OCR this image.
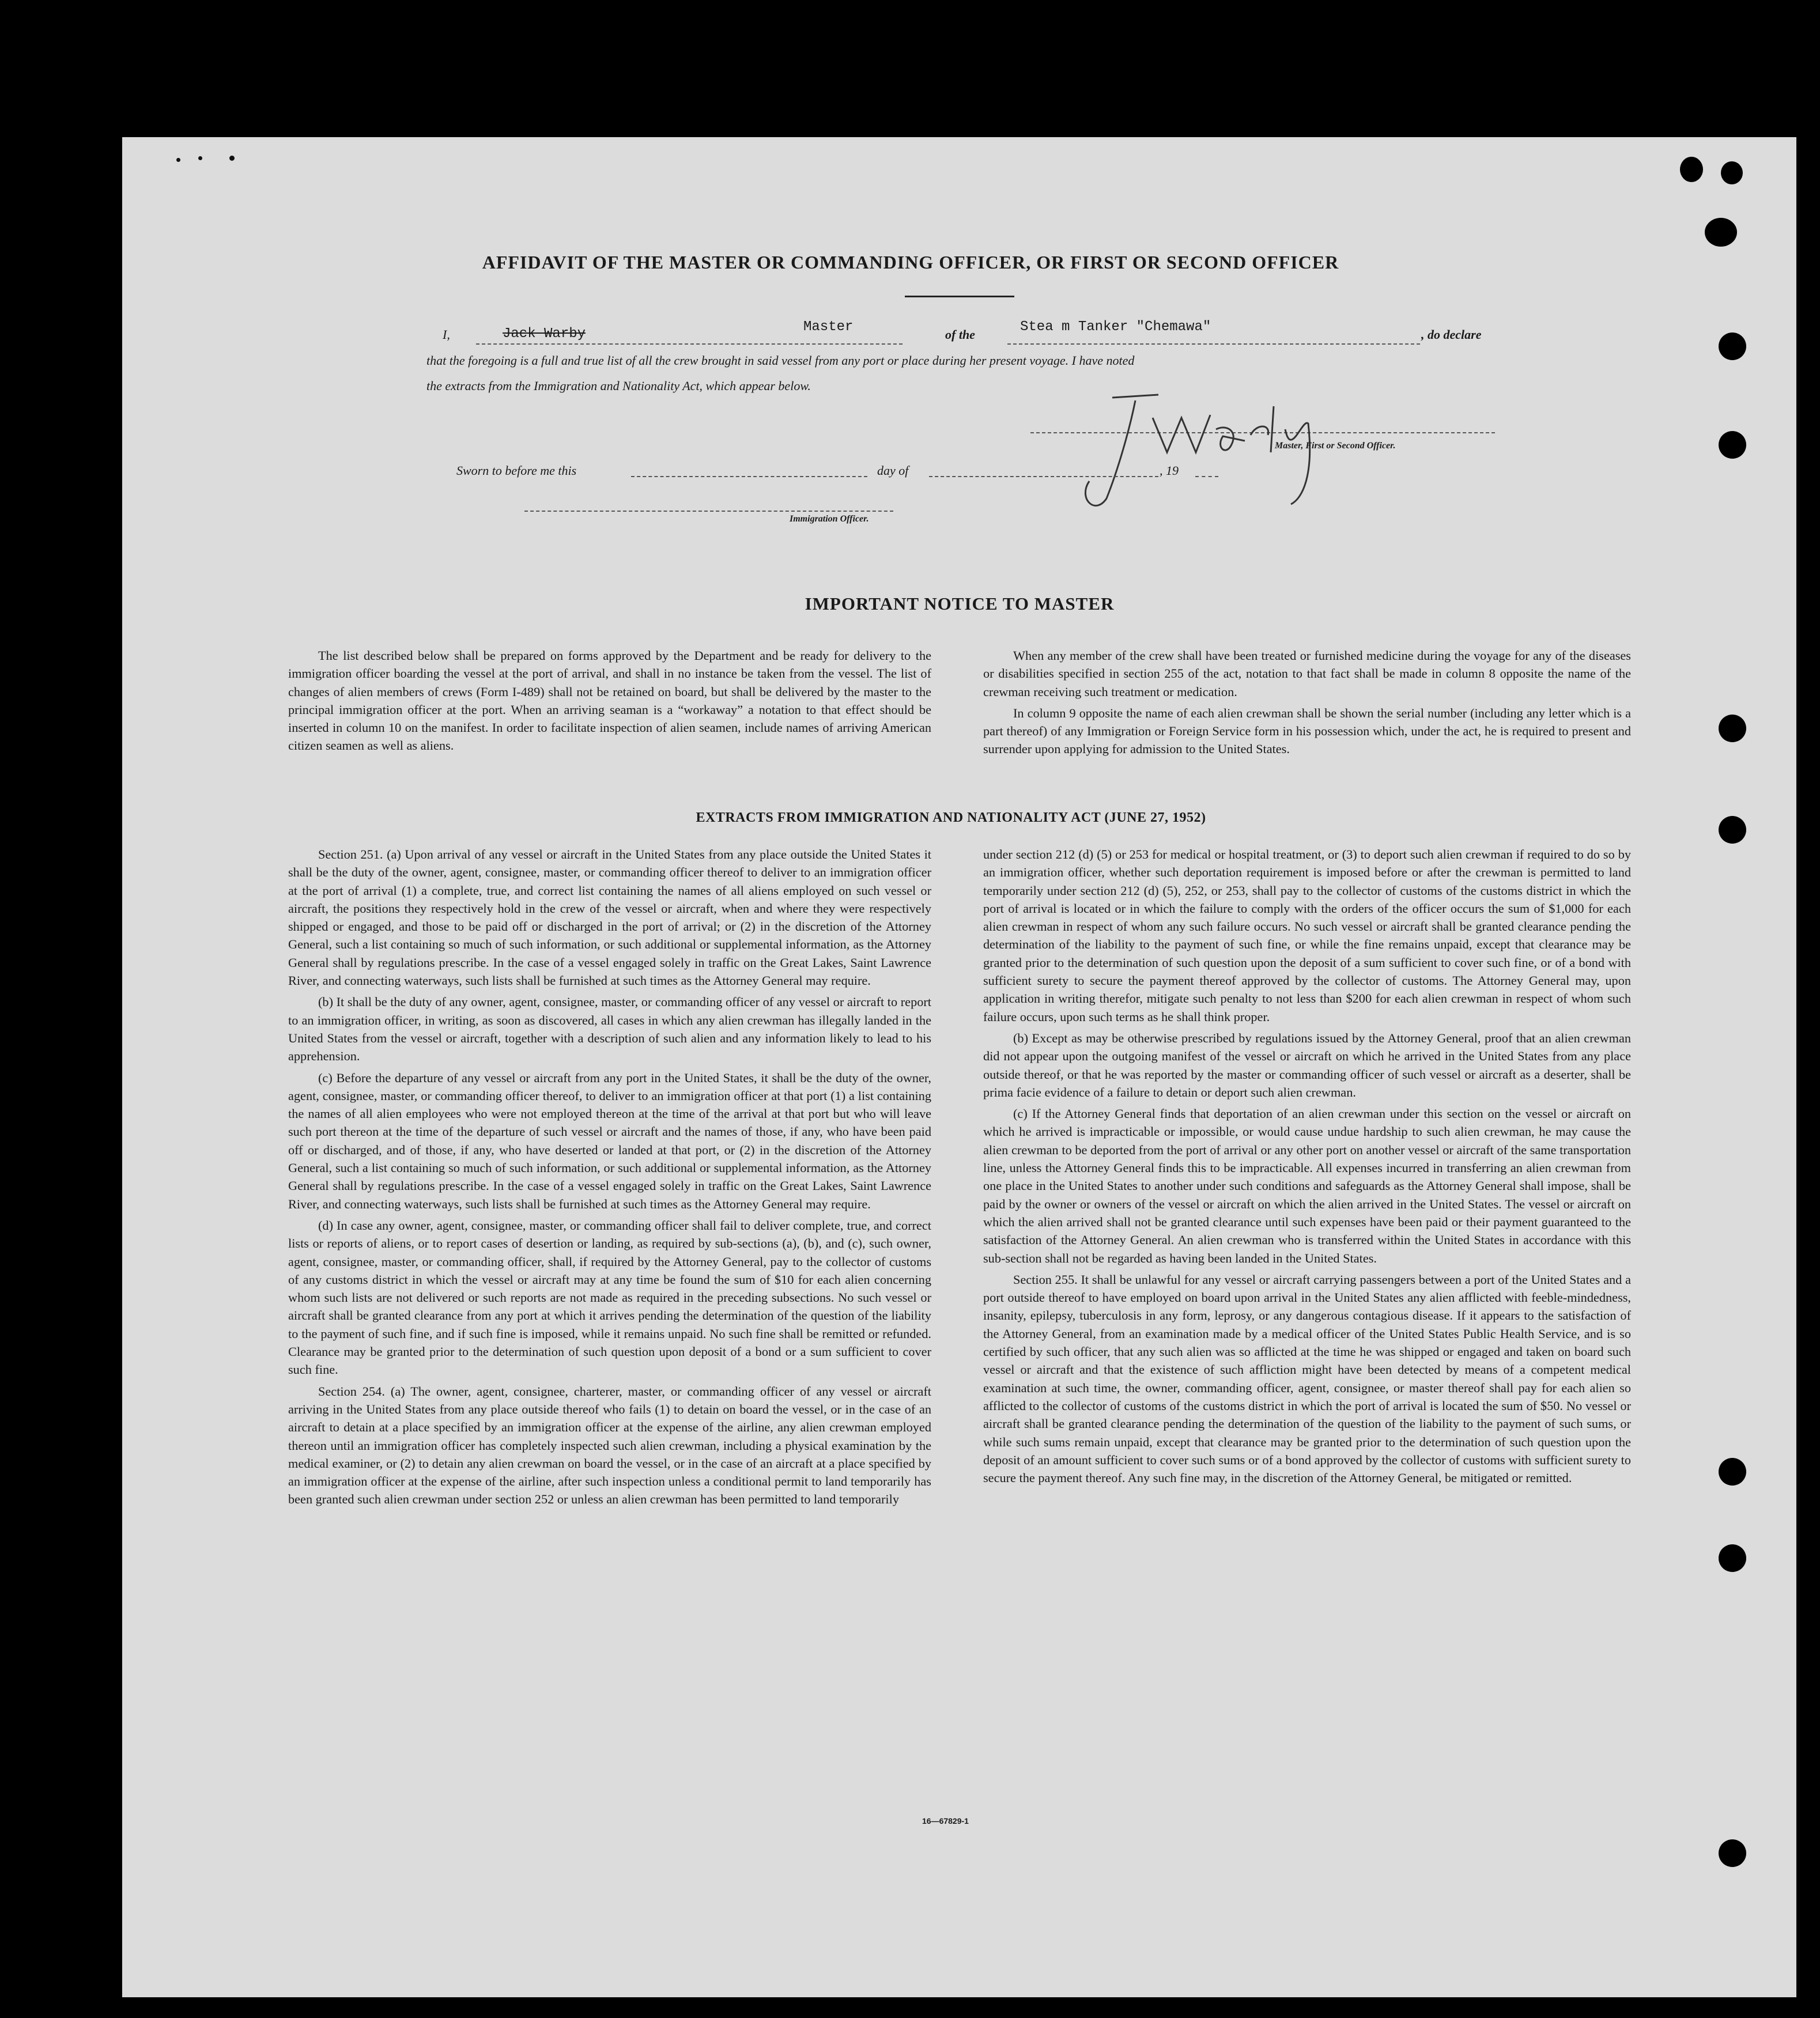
AFFIDAVIT OF THE MASTER OR COMMANDING OFFICER, OR FIRST OR SECOND OFFICER
I,	Jack Warby	Master	of the	Stea m Tanker "Chemawa"	, do declare
that the foregoing is a full and true list of all the crew brought in said vessel from any port or place during her present voyage. I have noted
the extracts from the Immigration and Nationality Act, which appear below.
Master, First or Second Officer.
Sworn to before me this	day of	, 19
Immigration Officer.
IMPORTANT NOTICE TO MASTER

The list described below shall be prepared on forms approved by the Department and be ready for delivery to the immigration officer boarding the vessel at the port of arrival, and shall in no instance be taken from the vessel. The list of changes of alien members of crews (Form I-489) shall not be retained on board, but shall be delivered by the master to the principal immigration officer at the port. When an arriving seaman is a “workaway” a notation to that effect should be inserted in column 10 on the manifest. In order to facilitate inspection of alien seamen, include names of arriving American citizen seamen as well as aliens.

When any member of the crew shall have been treated or furnished medicine during the voyage for any of the diseases or disabilities specified in section 255 of the act, notation to that fact shall be made in column 8 opposite the name of the crewman receiving such treatment or medication.

In column 9 opposite the name of each alien crewman shall be shown the serial number (including any letter which is a part thereof) of any Immigration or Foreign Service form in his possession which, under the act, he is required to present and surrender upon applying for admission to the United States.

EXTRACTS FROM IMMIGRATION AND NATIONALITY ACT (JUNE 27, 1952)

Section 251. (a) Upon arrival of any vessel or aircraft in the United States from any place outside the United States it shall be the duty of the owner, agent, consignee, master, or commanding officer thereof to deliver to an immigration officer at the port of arrival (1) a complete, true, and correct list containing the names of all aliens employed on such vessel or aircraft, the positions they respectively hold in the crew of the vessel or aircraft, when and where they were respectively shipped or engaged, and those to be paid off or discharged in the port of arrival; or (2) in the discretion of the Attorney General, such a list containing so much of such information, or such additional or supplemental information, as the Attorney General shall by regulations prescribe. In the case of a vessel engaged solely in traffic on the Great Lakes, Saint Lawrence River, and connecting waterways, such lists shall be furnished at such times as the Attorney General may require.

(b) It shall be the duty of any owner, agent, consignee, master, or commanding officer of any vessel or aircraft to report to an immigration officer, in writing, as soon as discovered, all cases in which any alien crewman has illegally landed in the United States from the vessel or aircraft, together with a description of such alien and any information likely to lead to his apprehension.

(c) Before the departure of any vessel or aircraft from any port in the United States, it shall be the duty of the owner, agent, consignee, master, or commanding officer thereof, to deliver to an immigration officer at that port (1) a list containing the names of all alien employees who were not employed thereon at the time of the arrival at that port but who will leave such port thereon at the time of the departure of such vessel or aircraft and the names of those, if any, who have been paid off or discharged, and of those, if any, who have deserted or landed at that port, or (2) in the discretion of the Attorney General, such a list containing so much of such information, or such additional or supplemental information, as the Attorney General shall by regulations prescribe. In the case of a vessel engaged solely in traffic on the Great Lakes, Saint Lawrence River, and connecting waterways, such lists shall be furnished at such times as the Attorney General may require.

(d) In case any owner, agent, consignee, master, or commanding officer shall fail to deliver complete, true, and correct lists or reports of aliens, or to report cases of desertion or landing, as required by sub-sections (a), (b), and (c), such owner, agent, consignee, master, or commanding officer, shall, if required by the Attorney General, pay to the collector of customs of any customs district in which the vessel or aircraft may at any time be found the sum of $10 for each alien concerning whom such lists are not delivered or such reports are not made as required in the preceding subsections. No such vessel or aircraft shall be granted clearance from any port at which it arrives pending the determination of the question of the liability to the payment of such fine, and if such fine is imposed, while it remains unpaid. No such fine shall be remitted or refunded. Clearance may be granted prior to the determination of such question upon deposit of a bond or a sum sufficient to cover such fine.

Section 254. (a) The owner, agent, consignee, charterer, master, or commanding officer of any vessel or aircraft arriving in the United States from any place outside thereof who fails (1) to detain on board the vessel, or in the case of an aircraft to detain at a place specified by an immigration officer at the expense of the airline, any alien crewman employed thereon until an immigration officer has completely inspected such alien crewman, including a physical examination by the medical examiner, or (2) to detain any alien crewman on board the vessel, or in the case of an aircraft at a place specified by an immigration officer at the expense of the airline, after such inspection unless a conditional permit to land temporarily has been granted such alien crewman under section 252 or unless an alien crewman has been permitted to land temporarily

under section 212 (d) (5) or 253 for medical or hospital treatment, or (3) to deport such alien crewman if required to do so by an immigration officer, whether such deportation requirement is imposed before or after the crewman is permitted to land temporarily under section 212 (d) (5), 252, or 253, shall pay to the collector of customs of the customs district in which the port of arrival is located or in which the failure to comply with the orders of the officer occurs the sum of $1,000 for each alien crewman in respect of whom any such failure occurs. No such vessel or aircraft shall be granted clearance pending the determination of the liability to the payment of such fine, or while the fine remains unpaid, except that clearance may be granted prior to the determination of such question upon the deposit of a sum sufficient to cover such fine, or of a bond with sufficient surety to secure the payment thereof approved by the collector of customs. The Attorney General may, upon application in writing therefor, mitigate such penalty to not less than $200 for each alien crewman in respect of whom such failure occurs, upon such terms as he shall think proper.

(b) Except as may be otherwise prescribed by regulations issued by the Attorney General, proof that an alien crewman did not appear upon the outgoing manifest of the vessel or aircraft on which he arrived in the United States from any place outside thereof, or that he was reported by the master or commanding officer of such vessel or aircraft as a deserter, shall be prima facie evidence of a failure to detain or deport such alien crewman.

(c) If the Attorney General finds that deportation of an alien crewman under this section on the vessel or aircraft on which he arrived is impracticable or impossible, or would cause undue hardship to such alien crewman, he may cause the alien crewman to be deported from the port of arrival or any other port on another vessel or aircraft of the same transportation line, unless the Attorney General finds this to be impracticable. All expenses incurred in transferring an alien crewman from one place in the United States to another under such conditions and safeguards as the Attorney General shall impose, shall be paid by the owner or owners of the vessel or aircraft on which the alien arrived in the United States. The vessel or aircraft on which the alien arrived shall not be granted clearance until such expenses have been paid or their payment guaranteed to the satisfaction of the Attorney General. An alien crewman who is transferred within the United States in accordance with this sub-section shall not be regarded as having been landed in the United States.

Section 255. It shall be unlawful for any vessel or aircraft carrying passengers between a port of the United States and a port outside thereof to have employed on board upon arrival in the United States any alien afflicted with feeble-mindedness, insanity, epilepsy, tuberculosis in any form, leprosy, or any dangerous contagious disease. If it appears to the satisfaction of the Attorney General, from an examination made by a medical officer of the United States Public Health Service, and is so certified by such officer, that any such alien was so afflicted at the time he was shipped or engaged and taken on board such vessel or aircraft and that the existence of such affliction might have been detected by means of a competent medical examination at such time, the owner, commanding officer, agent, consignee, or master thereof shall pay for each alien so afflicted to the collector of customs of the customs district in which the port of arrival is located the sum of $50. No vessel or aircraft shall be granted clearance pending the determination of the question of the liability to the payment of such sums, or while such sums remain unpaid, except that clearance may be granted prior to the determination of such question upon the deposit of an amount sufficient to cover such sums or of a bond approved by the collector of customs with sufficient surety to secure the payment thereof. Any such fine may, in the discretion of the Attorney General, be mitigated or remitted.

16—67829-1
